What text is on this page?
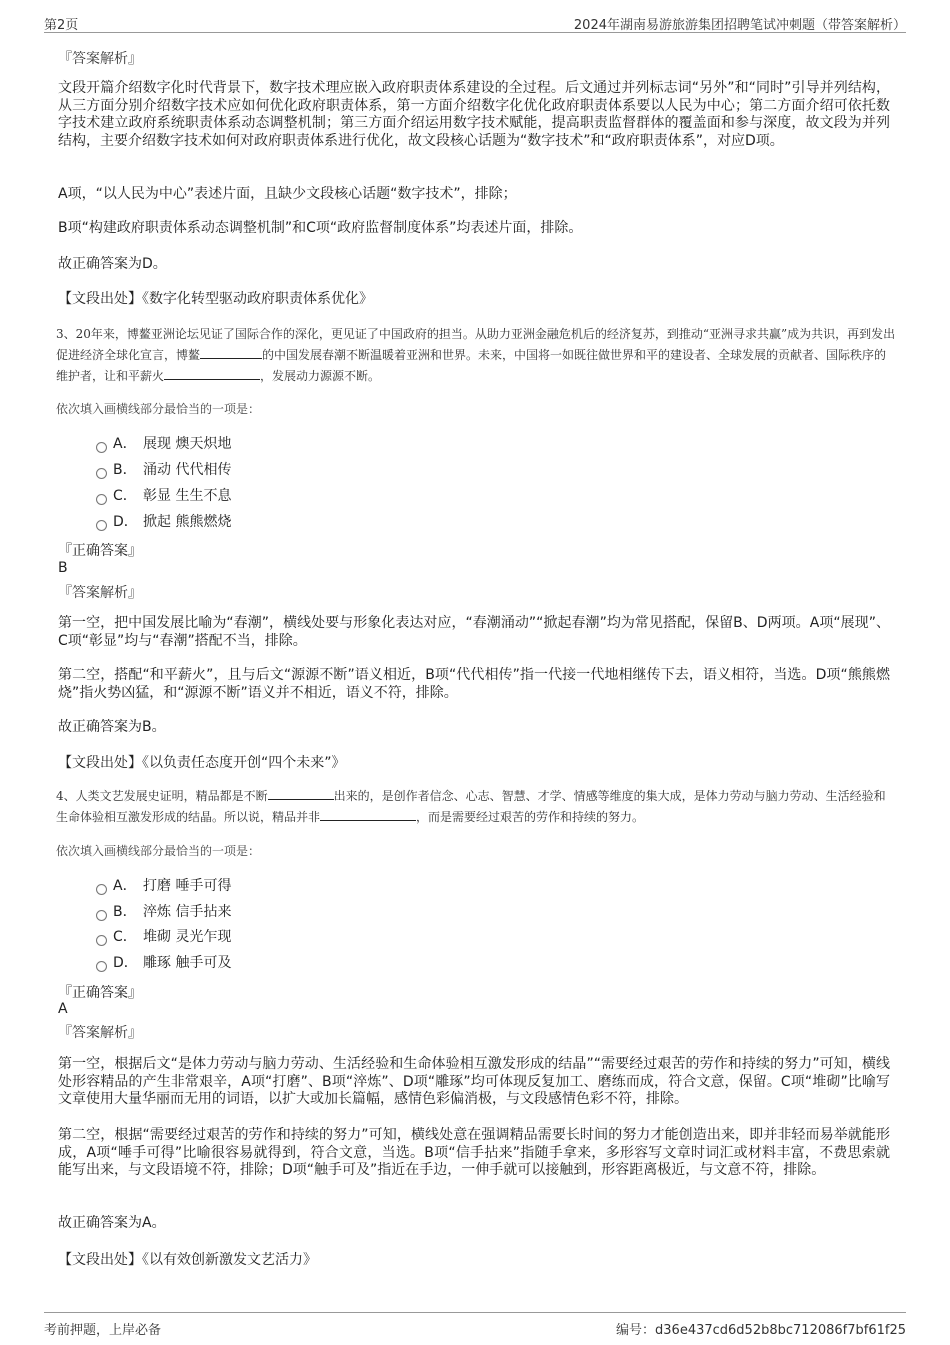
第2页	2024年湖南易游旅游集团招聘笔试冲刺题（带答案解析）
『答案解析』
文段开篇介绍数字化时代背景下，数字技术理应嵌入政府职责体系建设的全过程。后文通过并列标志词“另外”和“同时”引导并列结构，从三方面分别介绍数字技术应如何优化政府职责体系，第一方面介绍数字化优化政府职责体系要以人民为中心；第二方面介绍可依托数字技术建立政府系统职责体系动态调整机制；第三方面介绍运用数字技术赋能，提高职责监督群体的覆盖面和参与深度，故文段为并列结构，主要介绍数字技术如何对政府职责体系进行优化，故文段核心话题为“数字技术”和“政府职责体系”，对应D项。
A项，“以人民为中心”表述片面，且缺少文段核心话题“数字技术”，排除；
B项“构建政府职责体系动态调整机制”和C项“政府监督制度体系”均表述片面，排除。
故正确答案为D。
【文段出处】《数字化转型驱动政府职责体系优化》
3、20年来，博鳌亚洲论坛见证了国际合作的深化，更见证了中国政府的担当。从助力亚洲金融危机后的经济复苏，到推动“亚洲寻求共赢”成为共识，再到发出促进经济全球化宣言，博鳌	的中国发展春潮不断温暖着亚洲和世界。未来，中国将一如既往做世界和平的建设者、全球发展的贡献者、国际秩序的维护者，让和平薪火	，发展动力源源不断。
依次填入画横线部分最恰当的一项是：
A． 展现 燠天炽地
B． 涌动 代代相传
C． 彰显 生生不息
D． 掀起 熊熊燃烧
『正确答案』
B
『答案解析』
第一空，把中国发展比喻为“春潮”，横线处要与形象化表达对应，“春潮涌动”“掀起春潮”均为常见搭配，保留B、D两项。A项“展现”、C项“彰显”均与“春潮”搭配不当，排除。
第二空，搭配“和平薪火”，且与后文“源源不断”语义相近，B项“代代相传”指一代接一代地相继传下去，语义相符，当选。D项“熊熊燃烧”指火势凶猛，和“源源不断”语义并不相近，语义不符，排除。
故正确答案为B。
【文段出处】《以负责任态度开创“四个未来”》
4、人类文艺发展史证明，精品都是不断	出来的，是创作者信念、心志、智慧、才学、情感等维度的集大成，是体力劳动与脑力劳动、生活经验和生命体验相互激发形成的结晶。所以说，精品并非	，而是需要经过艰苦的劳作和持续的努力。
依次填入画横线部分最恰当的一项是：
A． 打磨 唾手可得
B． 淬炼 信手拈来
C． 堆砌 灵光乍现
D． 雕琢 触手可及
『正确答案』
A
『答案解析』
第一空，根据后文“是体力劳动与脑力劳动、生活经验和生命体验相互激发形成的结晶”“需要经过艰苦的劳作和持续的努力”可知，横线处形容精品的产生非常艰辛，A项“打磨”、B项“淬炼”、D项“雕琢”均可体现反复加工、磨练而成，符合文意，保留。C项“堆砌”比喻写文章使用大量华丽而无用的词语，以扩大或加长篇幅，感情色彩偏消极，与文段感情色彩不符，排除。
第二空，根据“需要经过艰苦的劳作和持续的努力”可知，横线处意在强调精品需要长时间的努力才能创造出来，即并非轻而易举就能形成，A项“唾手可得”比喻很容易就得到，符合文意，当选。B项“信手拈来”指随手拿来，多形容写文章时词汇或材料丰富，不费思索就能写出来，与文段语境不符，排除；D项“触手可及”指近在手边，一伸手就可以接触到，形容距离极近，与文意不符，排除。
故正确答案为A。
【文段出处】《以有效创新激发文艺活力》
考前押题，上岸必备	编号：d36e437cd6d52b8bc712086f7bf61f25
